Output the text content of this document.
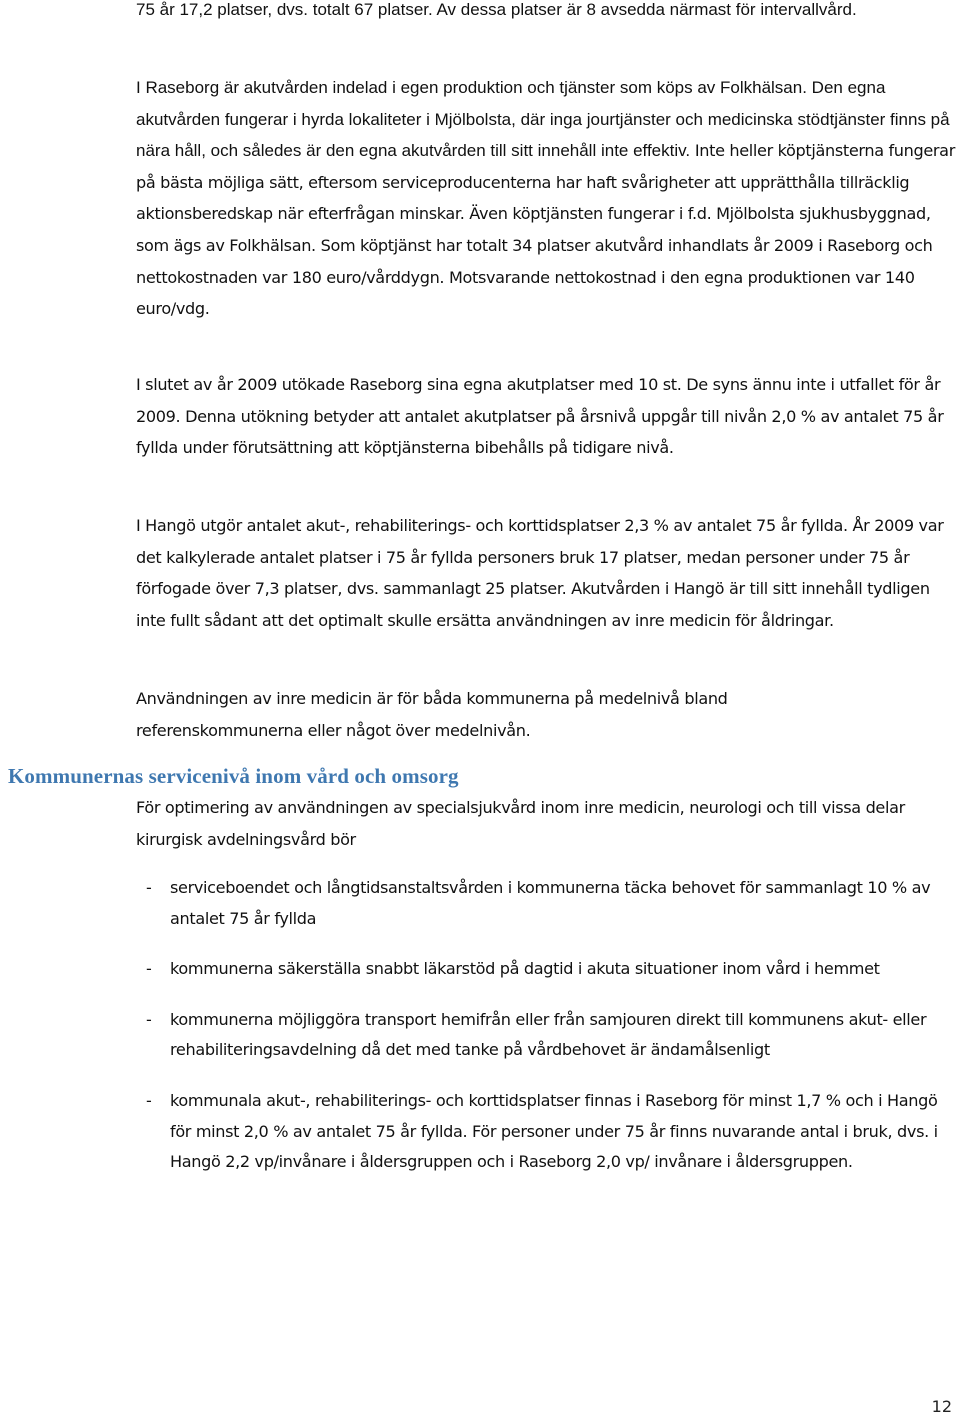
75 år 17,2 platser, dvs. totalt 67 platser. Av dessa platser är 8 avsedda närmast för intervallvård.

I Raseborg är akutvården indelad i egen produktion och tjänster som köps av Folkhälsan. Den egna akutvården fungerar i hyrda lokaliteter i Mjölbolsta, där inga jourtjänster och medicinska stödtjänster finns på nära håll, och således är den egna akutvården till sitt innehåll inte effektiv. Inte heller köptjänsterna fungerar på bästa möjliga sätt, eftersom serviceproducenterna har haft svårigheter att upprätthålla tillräcklig aktionsberedskap när efterfrågan minskar. Även köptjänsten fungerar i f.d. Mjölbolsta sjukhusbyggnad, som ägs av Folkhälsan. Som köptjänst har totalt 34 platser akutvård inhandlats år 2009 i Raseborg och nettokostnaden var 180 euro/vårddygn. Motsvarande nettokostnad i den egna produktionen var 140 euro/vdg.

I slutet av år 2009 utökade Raseborg sina egna akutplatser med 10 st. De syns ännu inte i utfallet för år 2009. Denna utökning betyder att antalet akutplatser på årsnivå uppgår till nivån 2,0 % av antalet 75 år fyllda under förutsättning att köptjänsterna bibehålls på tidigare nivå.

I Hangö utgör antalet akut-, rehabiliterings- och korttidsplatser 2,3 % av antalet 75 år fyllda. År 2009 var det kalkylerade antalet platser i 75 år fyllda personers bruk 17 platser, medan personer under 75 år förfogade över 7,3 platser, dvs. sammanlagt 25 platser. Akutvården i Hangö är till sitt innehåll tydligen inte fullt sådant att det optimalt skulle ersätta användningen av inre medicin för åldringar.

Användningen av inre medicin är för båda kommunerna på medelnivå bland referenskommunerna eller något över medelnivån.

Kommunernas servicenivå inom vård och omsorg

För optimering av användningen av specialsjukvård inom inre medicin, neurologi och till vissa delar kirurgisk avdelningsvård bör

- serviceboendet och långtidsanstaltsvården i kommunerna täcka behovet för sammanlagt 10 % av antalet 75 år fyllda
- kommunerna säkerställa snabbt läkarstöd på dagtid i akuta situationer inom vård i hemmet
- kommunerna möjliggöra transport hemifrån eller från samjouren direkt till kommunens akut- eller rehabiliteringsavdelning då det med tanke på vårdbehovet är ändamålsenligt
- kommunala akut-, rehabiliterings- och korttidsplatser finnas i Raseborg för minst 1,7 % och i Hangö för minst 2,0 % av antalet 75 år fyllda. För personer under 75 år finns nuvarande antal i bruk, dvs. i Hangö 2,2 vp/invånare i åldersgruppen och i Raseborg 2,0 vp/ invånare i åldersgruppen.
12
